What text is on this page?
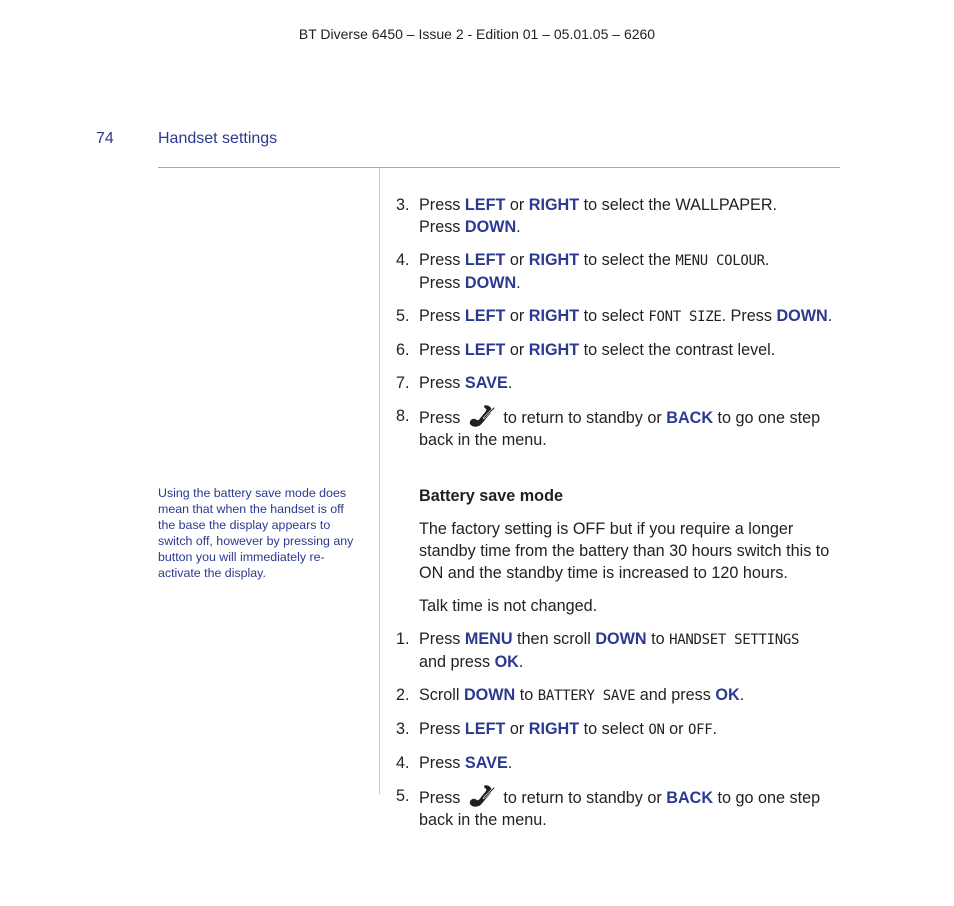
BT Diverse 6450 – Issue 2 - Edition 01 – 05.01.05 – 6260
74	Handset settings
Using the battery save mode does mean that when the handset is off the base the display appears to switch off, however by pressing any button you will immediately re-activate the display.
3. Press LEFT or RIGHT to select the WALLPAPER.
Press DOWN.
4. Press LEFT or RIGHT to select the MENU COLOUR.
Press DOWN.
5. Press LEFT or RIGHT to select FONT SIZE. Press DOWN.
6. Press LEFT or RIGHT to select the contrast level.
7. Press SAVE.
8. Press  to return to standby or BACK to go one step back in the menu.
Battery save mode
The factory setting is OFF but if you require a longer standby time from the battery than 30 hours switch this to ON and the standby time is increased to 120 hours.
Talk time is not changed.
1. Press MENU then scroll DOWN to HANDSET SETTINGS
and press OK.
2. Scroll DOWN to BATTERY SAVE and press OK.
3. Press LEFT or RIGHT to select ON or OFF.
4. Press SAVE.
5. Press  to return to standby or BACK to go one step back in the menu.
